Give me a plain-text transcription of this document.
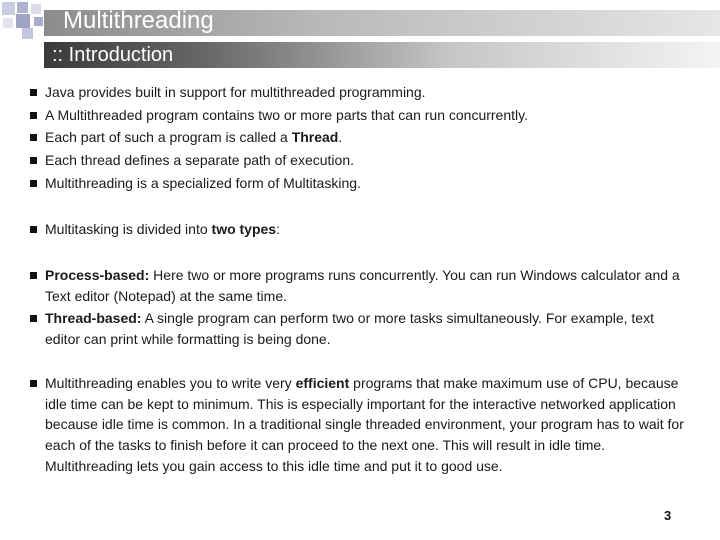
Multithreading
:: Introduction
Java provides built in support for multithreaded programming.
A Multithreaded program contains two or more parts that can run concurrently.
Each part of such a program is called a Thread.
Each thread defines a separate path of execution.
Multithreading is a specialized form of Multitasking.
Multitasking is divided into two types:
Process-based: Here two or more programs runs concurrently. You can run Windows calculator and a Text editor (Notepad) at the same time.
Thread-based: A single program can perform two or more tasks simultaneously. For example, text editor can print while formatting is being done.
Multithreading enables you to write very efficient programs that make maximum use of CPU, because idle time can be kept to minimum. This is especially important for the interactive networked application because idle time is common. In a traditional single threaded environment, your program has to wait for each of the tasks to finish before it can proceed to the next one. This will result in idle time. Multithreading lets you gain access to this idle time and put it to good use.
3
